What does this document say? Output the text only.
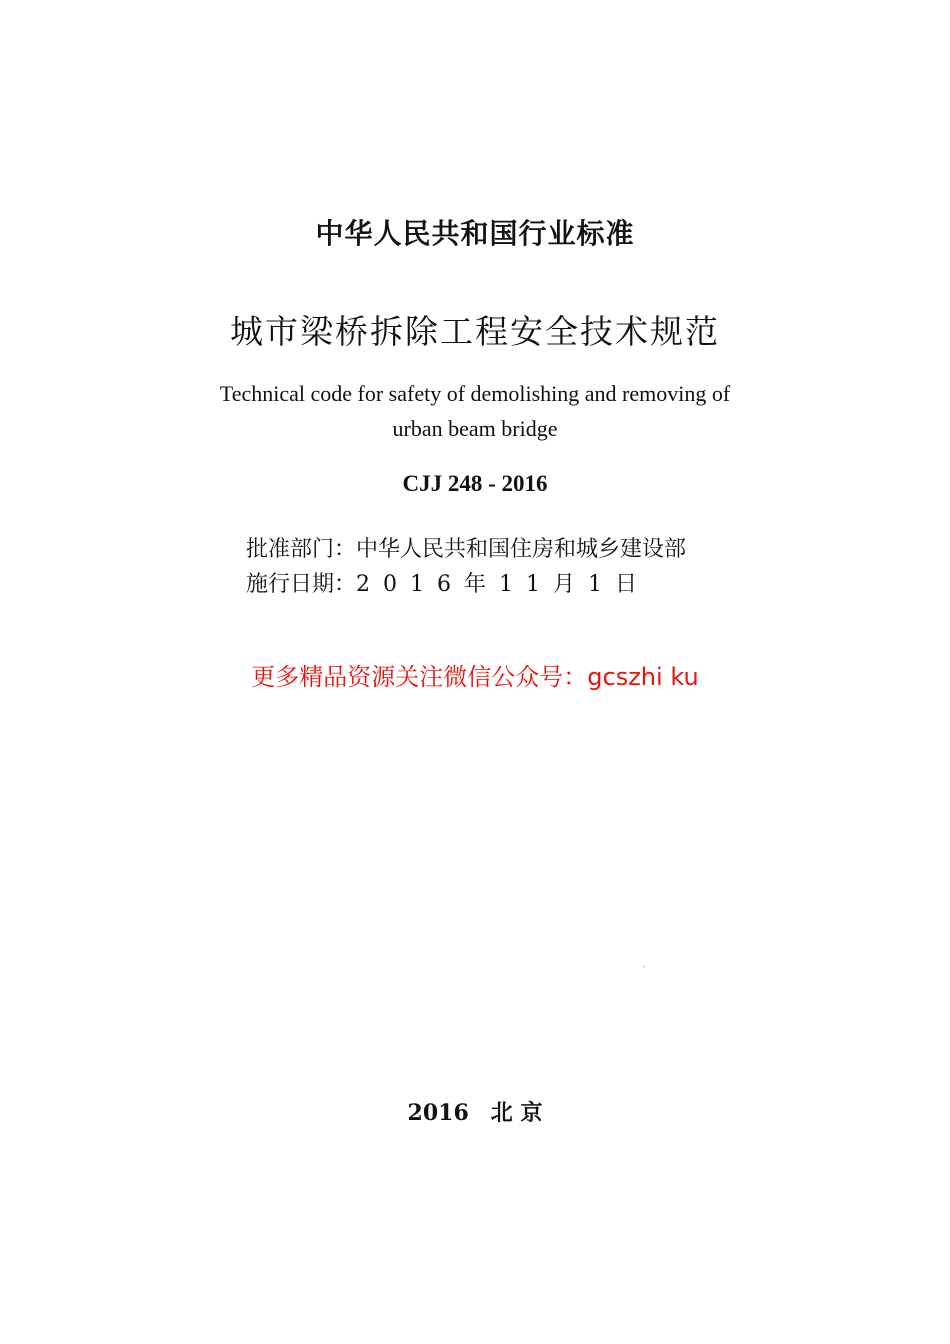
中华人民共和国行业标准
城市梁桥拆除工程安全技术规范
Technical code for safety of demolishing and removing of
urban beam bridge
CJJ 248 - 2016
批准部门：中华人民共和国住房和城乡建设部
施行日期：2016年11月1日
更多精品资源关注微信公众号：gcszhi ku
2016 北 京
